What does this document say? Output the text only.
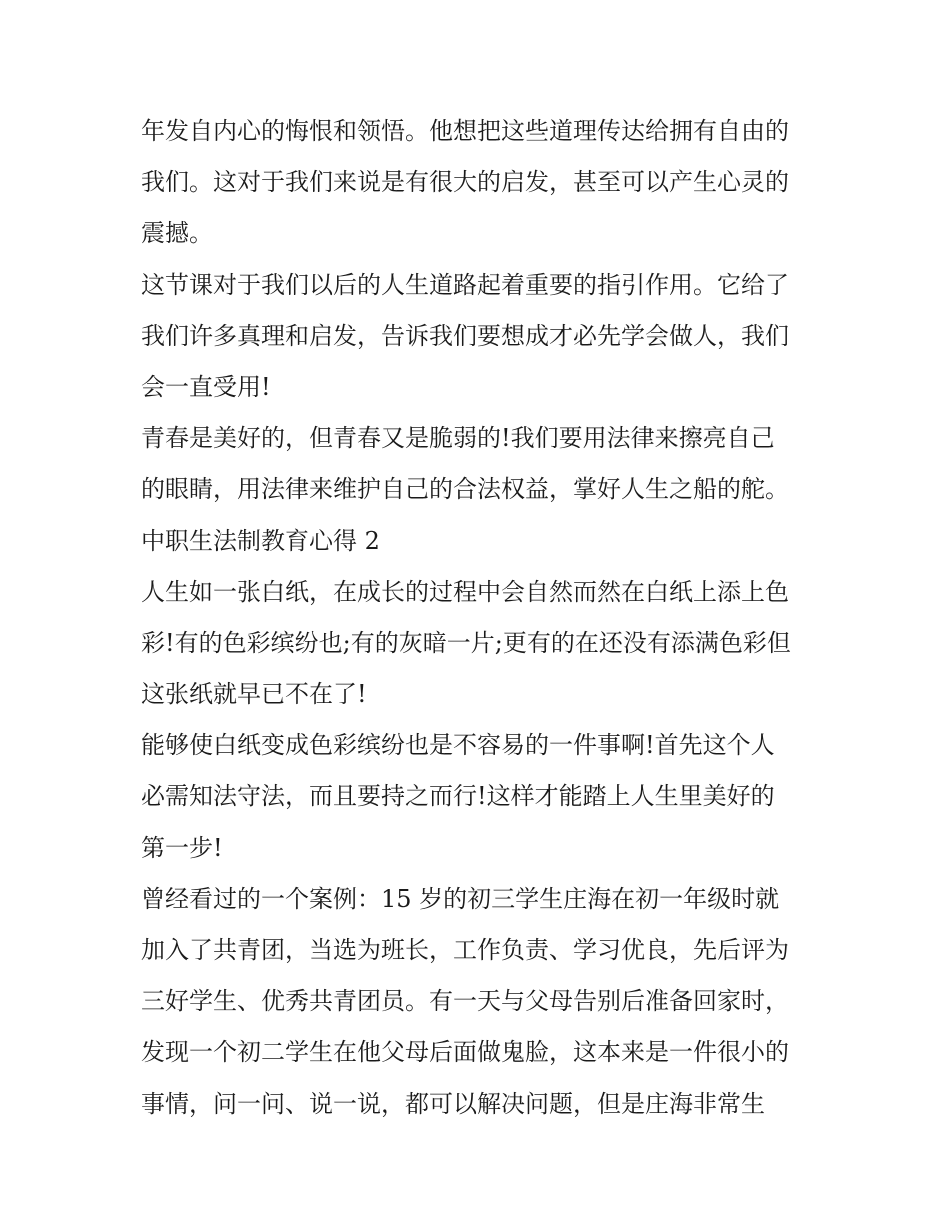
年发自内心的悔恨和领悟。他想把这些道理传达给拥有自由的
我们。这对于我们来说是有很大的启发，甚至可以产生心灵的
震撼。
这节课对于我们以后的人生道路起着重要的指引作用。它给了
我们许多真理和启发，告诉我们要想成才必先学会做人，我们
会一直受用!
青春是美好的，但青春又是脆弱的!我们要用法律来擦亮自己
的眼睛，用法律来维护自己的合法权益，掌好人生之船的舵。
中职生法制教育心得 2
人生如一张白纸，在成长的过程中会自然而然在白纸上添上色
彩!有的色彩缤纷也;有的灰暗一片;更有的在还没有添满色彩但
这张纸就早已不在了!
能够使白纸变成色彩缤纷也是不容易的一件事啊!首先这个人
必需知法守法，而且要持之而行!这样才能踏上人生里美好的
第一步!
曾经看过的一个案例：15 岁的初三学生庄海在初一年级时就
加入了共青团，当选为班长，工作负责、学习优良，先后评为
三好学生、优秀共青团员。有一天与父母告别后准备回家时，
发现一个初二学生在他父母后面做鬼脸，这本来是一件很小的
事情，问一问、说一说，都可以解决问题，但是庄海非常生
